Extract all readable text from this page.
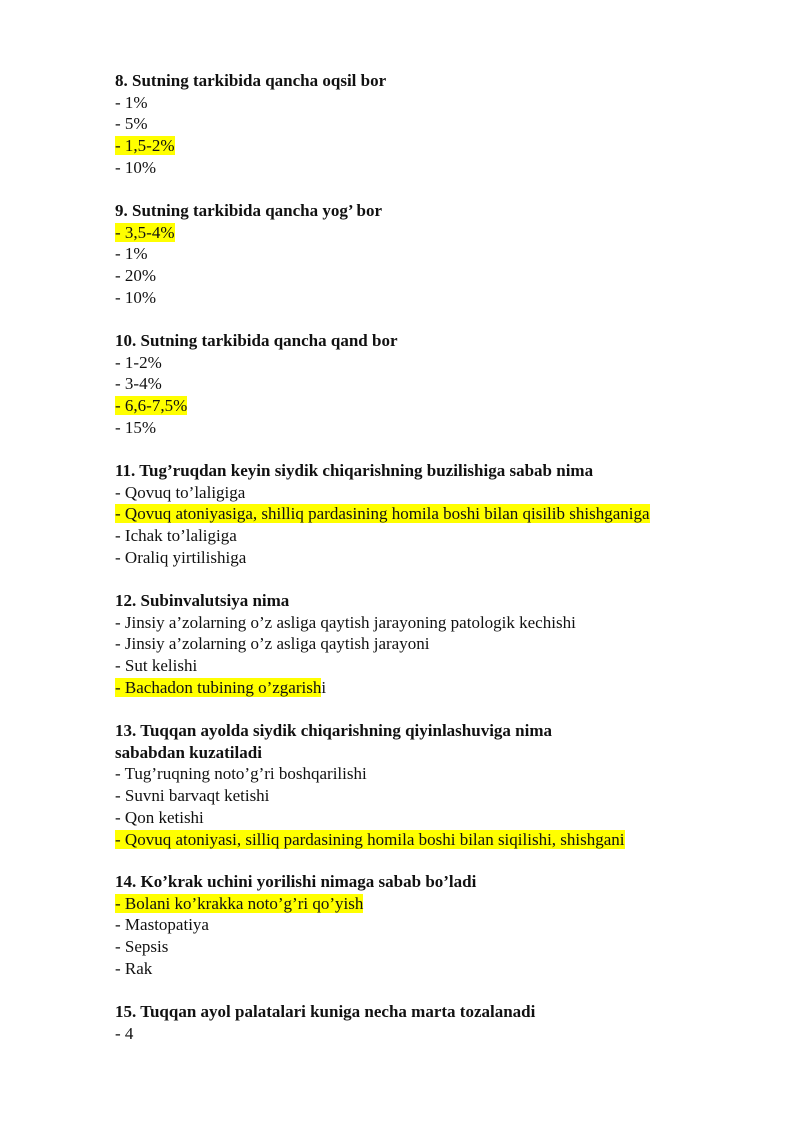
8. Sutning tarkibida qancha oqsil bor
- 1%
- 5%
- 1,5-2%
- 10%
9. Sutning tarkibida qancha yog’ bor
- 3,5-4%
- 1%
- 20%
- 10%
10. Sutning tarkibida qancha qand bor
- 1-2%
- 3-4%
- 6,6-7,5%
- 15%
11. Tug’ruqdan keyin siydik chiqarishning buzilishiga sabab nima
- Qovuq to’laligiga
- Qovuq atoniyasiga, shilliq pardasining homila boshi bilan qisilib shishganiga
- Ichak to’laligiga
- Oraliq yirtilishiga
12. Subinvalutsiya nima
- Jinsiy a’zolarning o’z asliga qaytish jarayoning patologik kechishi
- Jinsiy a’zolarning o’z asliga qaytish jarayoni
- Sut kelishi
- Bachadon tubining o’zgarishi
13. Tuqqan ayolda siydik chiqarishning qiyinlashuviga nima sababdan kuzatiladi
- Tug’ruqning noto’g’ri boshqarilishi
- Suvni barvaqt ketishi
- Qon ketishi
- Qovuq atoniyasi, silliq pardasining homila boshi bilan siqilishi, shishgani
14. Ko’krak uchini yorilishi nimaga sabab bo’ladi
- Bolani ko’krakka noto’g’ri qo’yish
- Mastopatiya
- Sepsis
- Rak
15. Tuqqan ayol palatalari kuniga necha marta tozalanadi
- 4
